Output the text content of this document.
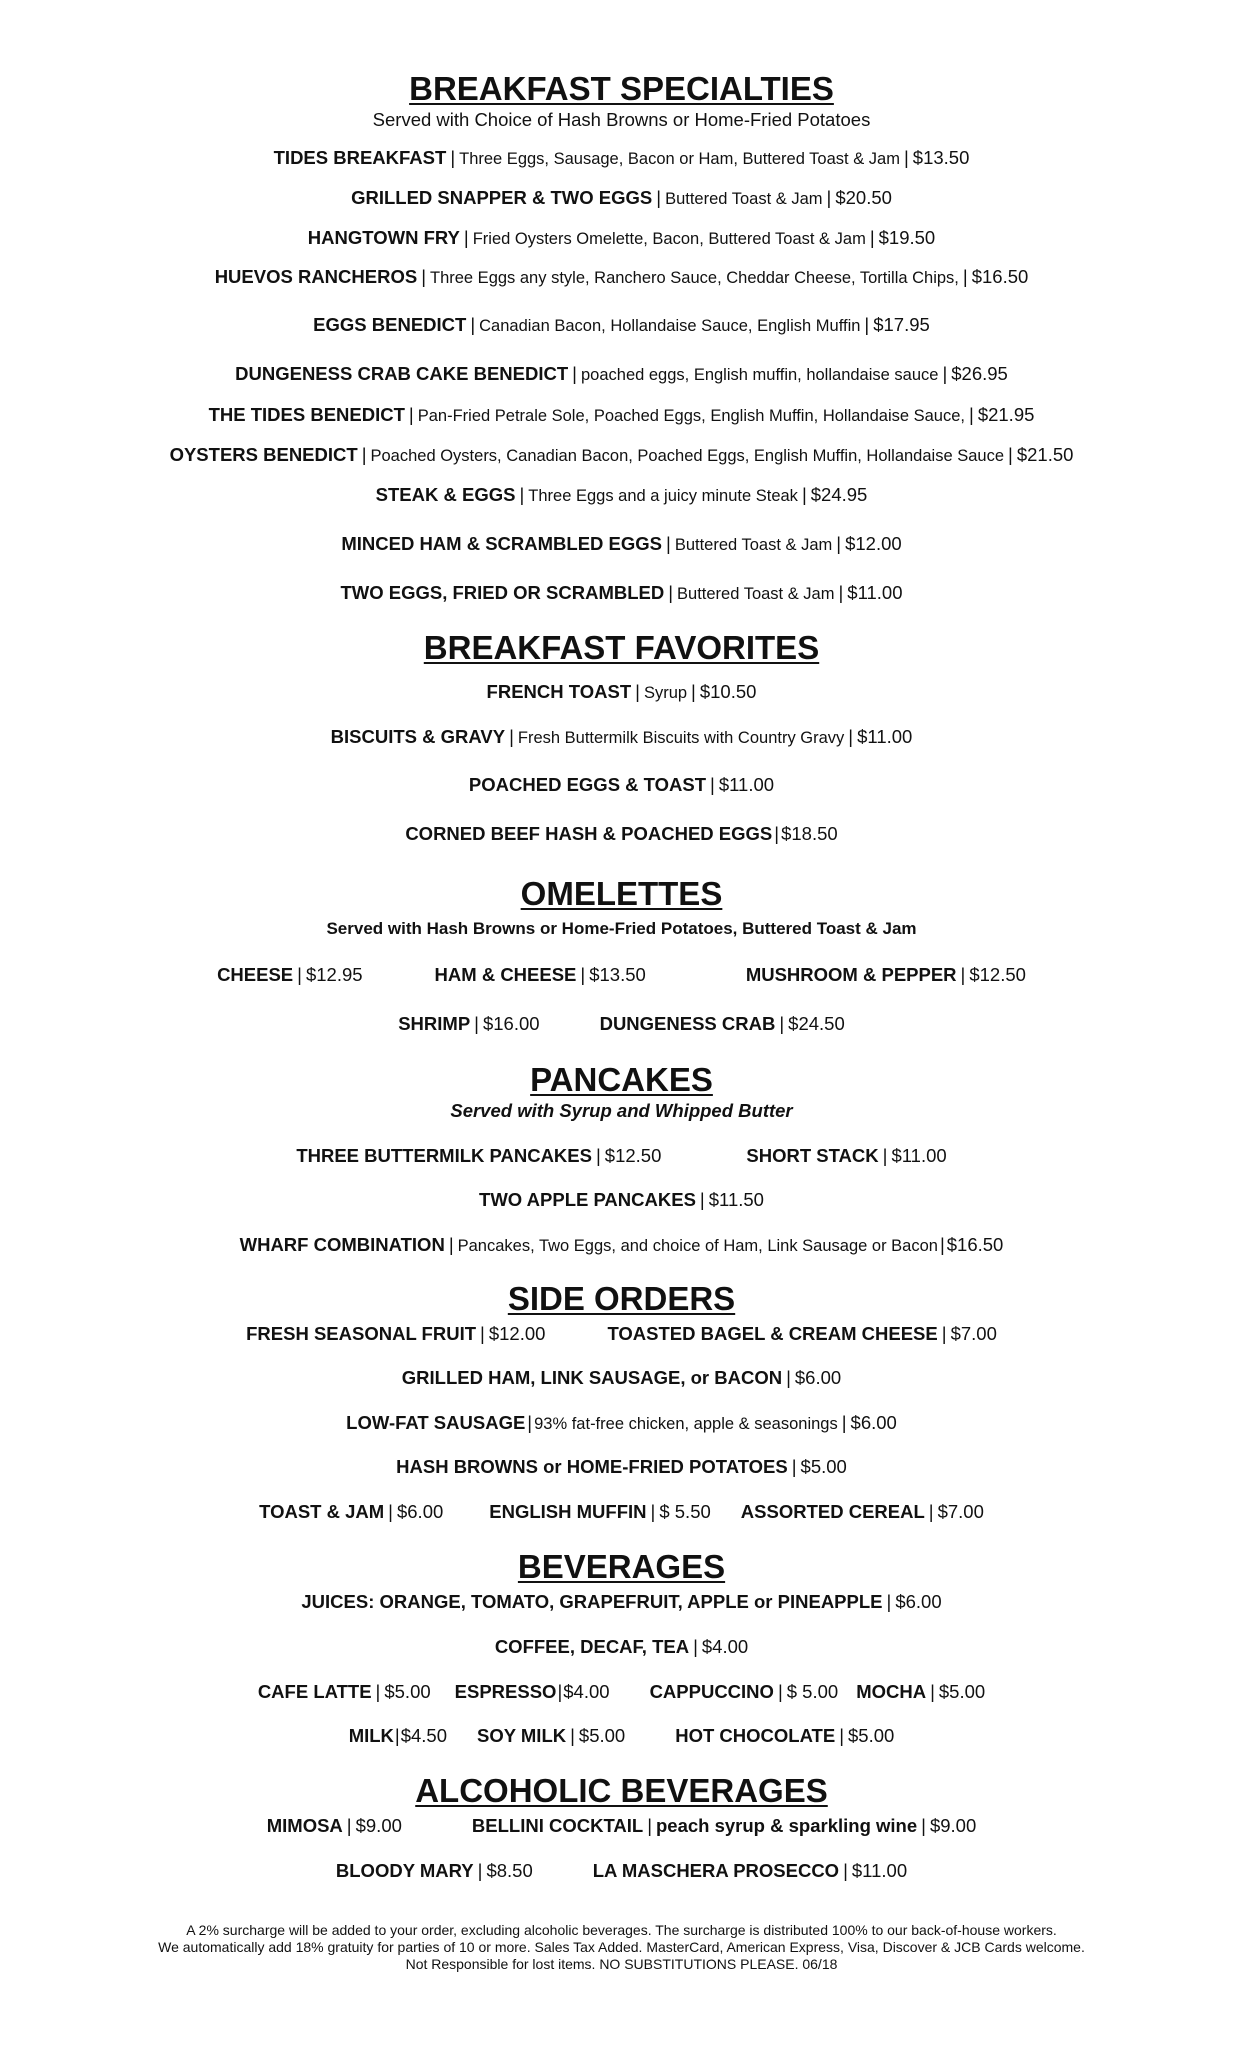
BREAKFAST SPECIALTIES

Served with Choice of Hash Browns or Home-Fried Potatoes

TIDES BREAKFAST | Three Eggs, Sausage, Bacon or Ham, Buttered Toast & Jam | $13.50
GRILLED SNAPPER & TWO EGGS | Buttered Toast & Jam | $20.50
HANGTOWN FRY | Fried Oysters Omelette, Bacon, Buttered Toast & Jam | $19.50
HUEVOS RANCHEROS | Three Eggs any style, Ranchero Sauce, Cheddar Cheese, Tortilla Chips, | $16.50
EGGS BENEDICT | Canadian Bacon, Hollandaise Sauce, English Muffin | $17.95
DUNGENESS CRAB CAKE BENEDICT | poached eggs, English muffin, hollandaise sauce | $26.95
THE TIDES BENEDICT | Pan-Fried Petrale Sole, Poached Eggs, English Muffin, Hollandaise Sauce, | $21.95
OYSTERS BENEDICT | Poached Oysters, Canadian Bacon, Poached Eggs, English Muffin, Hollandaise Sauce | $21.50
STEAK & EGGS | Three Eggs and a juicy minute Steak | $24.95
MINCED HAM & SCRAMBLED EGGS | Buttered Toast & Jam | $12.00
TWO EGGS, FRIED OR SCRAMBLED | Buttered Toast & Jam | $11.00
BREAKFAST FAVORITES
FRENCH TOAST | Syrup | $10.50
BISCUITS & GRAVY | Fresh Buttermilk Biscuits with Country Gravy | $11.00
POACHED EGGS & TOAST | $11.00
CORNED BEEF HASH & POACHED EGGS | $18.50
OMELETTES

Served with Hash Browns or Home-Fried Potatoes, Buttered Toast & Jam

CHEESE | $12.95	HAM & CHEESE | $13.50	MUSHROOM & PEPPER | $12.50
SHRIMP | $16.00	DUNGENESS CRAB | $24.50
PANCAKES

Served with Syrup and Whipped Butter

THREE BUTTERMILK PANCAKES | $12.50	SHORT STACK | $11.00
TWO APPLE PANCAKES | $11.50
WHARF COMBINATION | Pancakes, Two Eggs, and choice of Ham, Link Sausage or Bacon | $16.50
SIDE ORDERS
FRESH SEASONAL FRUIT | $12.00	TOASTED BAGEL & CREAM CHEESE | $7.00
GRILLED HAM, LINK SAUSAGE, or BACON | $6.00
LOW-FAT SAUSAGE | 93% fat-free chicken, apple & seasonings | $6.00
HASH BROWNS or HOME-FRIED POTATOES | $5.00
TOAST & JAM | $6.00 ENGLISH MUFFIN | $ 5.50 ASSORTED CEREAL | $7.00
BEVERAGES
JUICES: ORANGE, TOMATO, GRAPEFRUIT, APPLE or PINEAPPLE | $6.00
COFFEE, DECAF, TEA | $4.00
CAFE LATTE | $5.00 ESPRESSO|$4.00 CAPPUCCINO | $ 5.00 MOCHA | $5.00
MILK|$4.50 SOY MILK | $5.00	HOT CHOCOLATE | $5.00
ALCOHOLIC BEVERAGES
MIMOSA | $9.00	BELLINI COCKTAIL | peach syrup & sparkling wine | $9.00
BLOODY MARY | $8.50	LA MASCHERA PROSECCO | $11.00

A 2% surcharge will be added to your order, excluding alcoholic beverages. The surcharge is distributed 100% to our back-of-house workers.

We automatically add 18% gratuity for parties of 10 or more. Sales Tax Added. MasterCard, American Express, Visa, Discover & JCB Cards welcome.

Not Responsible for lost items. NO SUBSTITUTIONS PLEASE. 06/18
